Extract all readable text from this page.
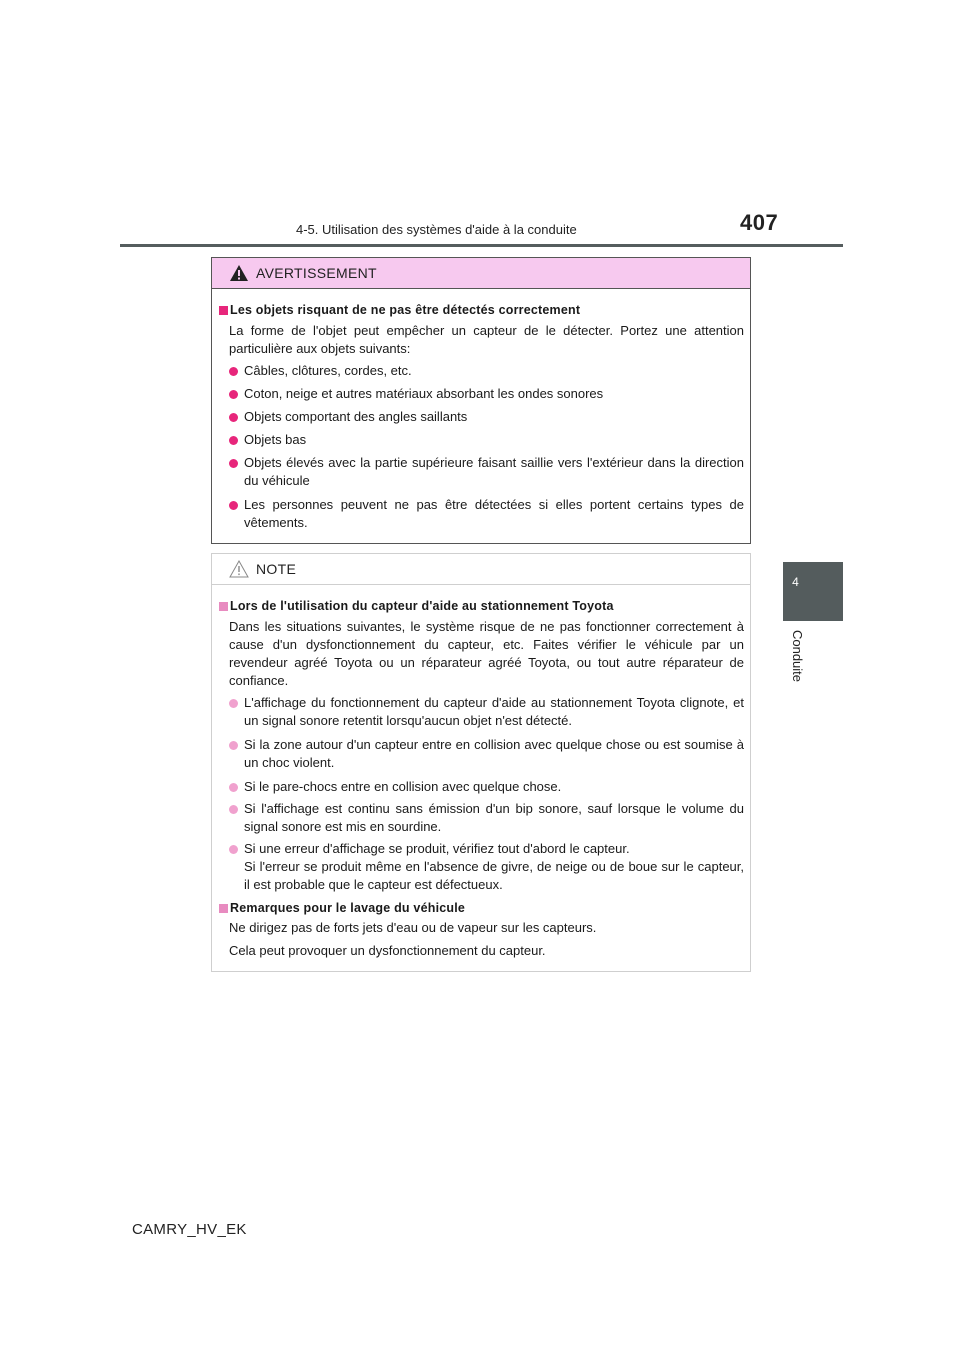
4-5. Utilisation des systèmes d'aide à la conduite	407
4
Conduite
AVERTISSEMENT
Les objets risquant de ne pas être détectés correctement
La forme de l'objet peut empêcher un capteur de le détecter. Portez une attention particulière aux objets suivants:
Câbles, clôtures, cordes, etc.
Coton, neige et autres matériaux absorbant les ondes sonores
Objets comportant des angles saillants
Objets bas
Objets élevés avec la partie supérieure faisant saillie vers l'extérieur dans la direction du véhicule
Les personnes peuvent ne pas être détectées si elles portent certains types de vêtements.
NOTE
Lors de l'utilisation du capteur d'aide au stationnement Toyota
Dans les situations suivantes, le système risque de ne pas fonctionner correctement à cause d'un dysfonctionnement du capteur, etc. Faites vérifier le véhicule par un revendeur agréé Toyota ou un réparateur agréé Toyota, ou tout autre réparateur de confiance.
L'affichage du fonctionnement du capteur d'aide au stationnement Toyota clignote, et un signal sonore retentit lorsqu'aucun objet n'est détecté.
Si la zone autour d'un capteur entre en collision avec quelque chose ou est soumise à un choc violent.
Si le pare-chocs entre en collision avec quelque chose.
Si l'affichage est continu sans émission d'un bip sonore, sauf lorsque le volume du signal sonore est mis en sourdine.
Si une erreur d'affichage se produit, vérifiez tout d'abord le capteur.
Si l'erreur se produit même en l'absence de givre, de neige ou de boue sur le capteur, il est probable que le capteur est défectueux.
Remarques pour le lavage du véhicule
Ne dirigez pas de forts jets d'eau ou de vapeur sur les capteurs.
Cela peut provoquer un dysfonctionnement du capteur.
CAMRY_HV_EK
